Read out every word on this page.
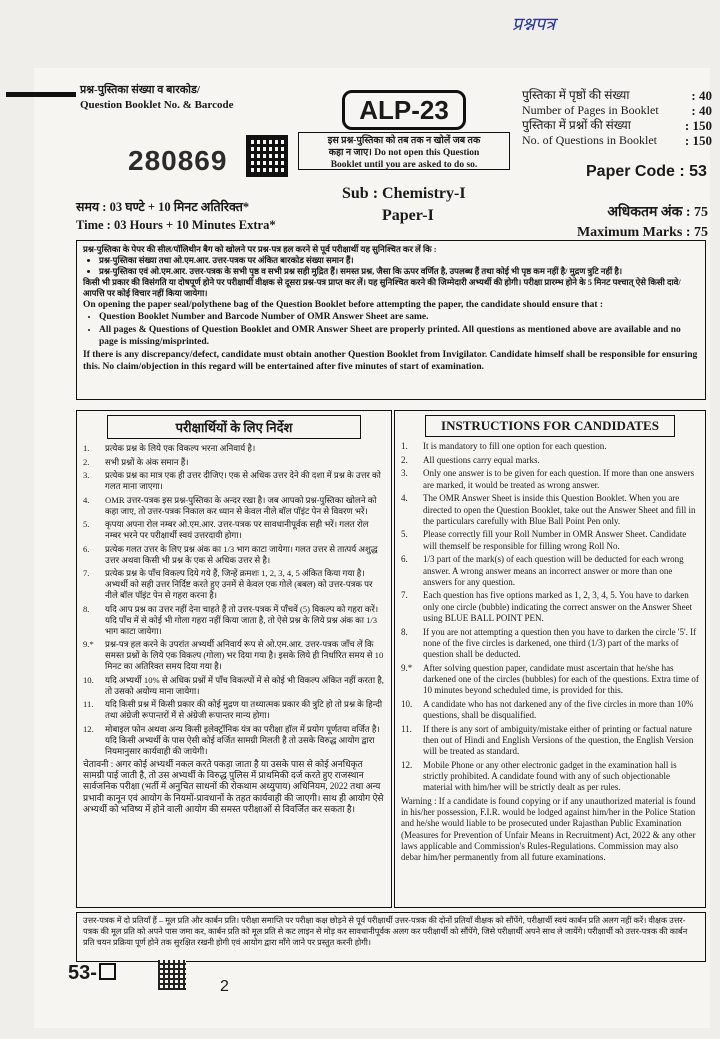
प्रश्नपत्र
प्रश्न-पुस्तिका संख्या व बारकोड/
Question Booklet No. & Barcode	ALP-23	पुस्तिका में पृष्ठों की संख्या	: 40
Number of Pages in Booklet	: 40
पुस्तिका में प्रश्नों की संख्या	: 150
No. of Questions in Booklet : 150
280869
इस प्रश्न-पुस्तिका को तब तक न खोलें जब तक
कहा न जाए। Do not open this Question
Booklet until you are asked to do so.	Paper Code : 53
समय : 03 घण्टे + 10 मिनट अतिरिक्त*
Time : 03 Hours + 10 Minutes Extra*
Sub : Chemistry-I
Paper-I	अधिकतम अंक : 75
Maximum Marks : 75
प्रश्न-पुस्तिका के पेपर की सील/पॉलिथीन बैग को खोलने पर प्रश्न-पत्र हल करने से पूर्व परीक्षार्थी यह सुनिश्चित कर लें कि :
• प्रश्न-पुस्तिका संख्या तथा ओ.एम.आर. उत्तर-पत्रक पर अंकित बारकोड संख्या समान हैं।
• प्रश्न-पुस्तिका एवं ओ.एम.आर. उत्तर-पत्रक के सभी पृष्ठ व सभी प्रश्न सही मुद्रित हैं। समस्त प्रश्न, जैसा कि ऊपर वर्णित है, उपलब्ध हैं तथा कोई भी पृष्ठ कम नहीं है/ मुद्रण त्रुटि नहीं है।
किसी भी प्रकार की विसंगति या दोषपूर्ण होने पर परीक्षार्थी वीक्षक से दूसरा प्रश्न-पत्र प्राप्त कर लें। यह सुनिश्चित करने की जिम्मेदारी अभ्यर्थी की होगी। परीक्षा प्रारम्भ होने के 5 मिनट पश्चात् ऐसे किसी दावे/आपत्ति पर कोई विचार नहीं किया जायेगा।
On opening the paper seal/polythene bag of the Question Booklet before attempting the paper, the candidate should ensure that :
• Question Booklet Number and Barcode Number of OMR Answer Sheet are same.
• All pages & Questions of Question Booklet and OMR Answer Sheet are properly printed. All questions as mentioned above are available and no page is missing/misprinted.
If there is any discrepancy/defect, candidate must obtain another Question Booklet from Invigilator. Candidate himself shall be responsible for ensuring this. No claim/objection in this regard will be entertained after five minutes of start of examination.
परीक्षार्थियों के लिए निर्देश
1.	प्रत्येक प्रश्न के लिये एक विकल्प भरना अनिवार्य है।
2.	सभी प्रश्नों के अंक समान हैं।
3.	प्रत्येक प्रश्न का मात्र एक ही उत्तर दीजिए। एक से अधिक उत्तर देने की दशा में प्रश्न के उत्तर को गलत माना जाएगा।
4.	OMR उत्तर-पत्रक इस प्रश्न-पुस्तिका के अन्दर रखा है। जब आपको प्रश्न-पुस्तिका खोलने को कहा जाए, तो उत्तर-पत्रक निकाल कर ध्यान से केवल नीले बॉल पॉइंट पेन से विवरण भरें।
5.	कृपया अपना रोल नम्बर ओ.एम.आर. उत्तर-पत्रक पर सावधानीपूर्वक सही भरें। गलत रोल नम्बर भरने पर परीक्षार्थी स्वयं उत्तरदायी होगा।
6.	प्रत्येक गलत उत्तर के लिए प्रश्न अंक का 1/3 भाग काटा जायेगा। गलत उत्तर से तात्पर्य अशुद्ध उत्तर अथवा किसी भी प्रश्न के एक से अधिक उत्तर से है।
7.	प्रत्येक प्रश्न के पाँच विकल्प दिये गये हैं, जिन्हें क्रमशः 1, 2, 3, 4, 5 अंकित किया गया है। अभ्यर्थी को सही उत्तर निर्दिष्ट करते हुए उनमें से केवल एक गोले (बबल) को उत्तर-पत्रक पर नीले बॉल पॉइंट पेन से गहरा करना है।
8.	यदि आप प्रश्न का उत्तर नहीं देना चाहते हैं तो उत्तर-पत्रक में पाँचवें (5) विकल्प को गहरा करें। यदि पाँच में से कोई भी गोला गहरा नहीं किया जाता है, तो ऐसे प्रश्न के लिये प्रश्न अंक का 1/3 भाग काटा जायेगा।
9.*	प्रश्न-पत्र हल करने के उपरांत अभ्यर्थी अनिवार्य रूप से ओ.एम.आर. उत्तर-पत्रक जाँच लें कि समस्त प्रश्नों के लिये एक विकल्प (गोला) भर दिया गया है। इसके लिये ही निर्धारित समय से 10 मिनट का अतिरिक्त समय दिया गया है।
10.	यदि अभ्यर्थी 10% से अधिक प्रश्नों में पाँच विकल्पों में से कोई भी विकल्प अंकित नहीं करता है, तो उसको अयोग्य माना जायेगा।
11.	यदि किसी प्रश्न में किसी प्रकार की कोई मुद्रण या तथ्यात्मक प्रकार की त्रुटि हो तो प्रश्न के हिन्दी तथा अंग्रेजी रूपान्तरों में से अंग्रेजी रूपान्तर मान्य होगा।
12.	मोबाइल फोन अथवा अन्य किसी इलेक्ट्रॉनिक यंत्र का परीक्षा हॉल में प्रयोग पूर्णतया वर्जित है। यदि किसी अभ्यर्थी के पास ऐसी कोई वर्जित सामग्री मिलती है तो उसके विरुद्ध आयोग द्वारा नियमानुसार कार्यवाही की जायेगी।
चेतावनी : अगर कोई अभ्यर्थी नकल करते पकड़ा जाता है या उसके पास से कोई अनधिकृत सामग्री पाई जाती है, तो उस अभ्यर्थी के विरुद्ध पुलिस में प्राथमिकी दर्ज करते हुए राजस्थान सार्वजनिक परीक्षा (भर्ती में अनुचित साधनों की रोकथाम अध्युपाय) अधिनियम, 2022 तथा अन्य प्रभावी कानून एवं आयोग के नियमों-प्रावधानों के तहत कार्यवाही की जाएगी। साथ ही आयोग ऐसे अभ्यर्थी को भविष्य में होने वाली आयोग की समस्त परीक्षाओं से विवर्जित कर सकता है।
INSTRUCTIONS FOR CANDIDATES
1.	It is mandatory to fill one option for each question.
2.	All questions carry equal marks.
3.	Only one answer is to be given for each question. If more than one answers are marked, it would be treated as wrong answer.
4.	The OMR Answer Sheet is inside this Question Booklet. When you are directed to open the Question Booklet, take out the Answer Sheet and fill in the particulars carefully with Blue Ball Point Pen only.
5.	Please correctly fill your Roll Number in OMR Answer Sheet. Candidate will themself be responsible for filling wrong Roll No.
6.	1/3 part of the mark(s) of each question will be deducted for each wrong answer. A wrong answer means an incorrect answer or more than one answers for any question.
7.	Each question has five options marked as 1, 2, 3, 4, 5. You have to darken only one circle (bubble) indicating the correct answer on the Answer Sheet using BLUE BALL POINT PEN.
8.	If you are not attempting a question then you have to darken the circle '5'. If none of the five circles is darkened, one third (1/3) part of the marks of question shall be deducted.
9.*	After solving question paper, candidate must ascertain that he/she has darkened one of the circles (bubbles) for each of the questions. Extra time of 10 minutes beyond scheduled time, is provided for this.
10.	A candidate who has not darkened any of the five circles in more than 10% questions, shall be disqualified.
11.	If there is any sort of ambiguity/mistake either of printing or factual nature then out of Hindi and English Versions of the question, the English Version will be treated as standard.
12.	Mobile Phone or any other electronic gadget in the examination hall is strictly prohibited. A candidate found with any of such objectionable material with him/her will be strictly dealt as per rules.
Warning : If a candidate is found copying or if any unauthorized material is found in his/her possession, F.I.R. would be lodged against him/her in the Police Station and he/she would liable to be prosecuted under Rajasthan Public Examination (Measures for Prevention of Unfair Means in Recruitment) Act, 2022 & any other laws applicable and Commission's Rules-Regulations. Commission may also debar him/her permanently from all future examinations.
उत्तर-पत्रक में दो प्रतियाँ हैं – मूल प्रति और कार्बन प्रति। परीक्षा समाप्ति पर परीक्षा कक्ष छोड़ने से पूर्व परीक्षार्थी उत्तर-पत्रक की दोनों प्रतियाँ वीक्षक को सौंपेंगे, परीक्षार्थी स्वयं कार्बन प्रति अलग नहीं करें। वीक्षक उत्तर-पत्रक की मूल प्रति को अपने पास जमा कर, कार्बन प्रति को मूल प्रति से कट लाइन से मोड़ कर सावधानीपूर्वक अलग कर परीक्षार्थी को सौंपेंगे, जिसे परीक्षार्थी अपने साथ ले जायेंगे। परीक्षार्थी को उत्तर-पत्रक की कार्बन प्रति चयन प्रक्रिया पूर्ण होने तक सुरक्षित रखनी होगी एवं आयोग द्वारा माँगे जाने पर प्रस्तुत करनी होगी।
53-
2
